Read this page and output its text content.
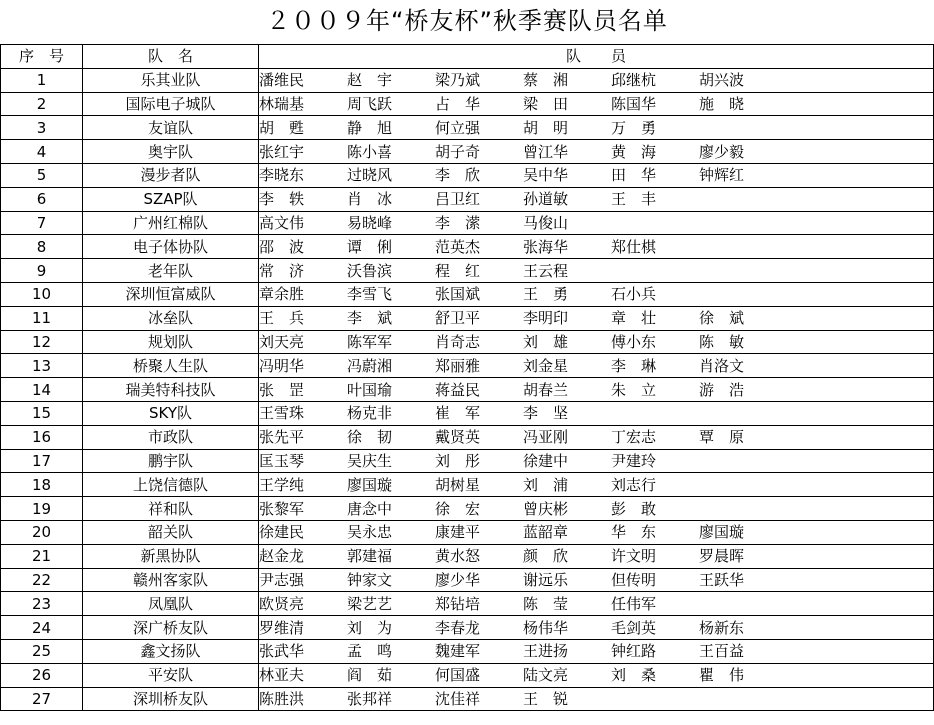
２００９年“桥友杯”秋季赛队员名单
序　号	队　名	队　　员
1	乐其业队	潘维民 赵　宇 梁乃斌 蔡　湘 邱继杭 胡兴波
2	国际电子城队	林瑞基 周飞跃 占　华 梁　田 陈国华 施　晓
3	友谊队	胡　甦 静　旭 何立强 胡　明 万　勇
4	奥宇队	张红宇 陈小喜 胡子奇 曾江华 黄　海 廖少毅
5	漫步者队	李晓东 过晓风 李　欣 吴中华 田　华 钟辉红
6	SZAP队	李　轶 肖　冰 吕卫红 孙道敏 王　丰
7	广州红棉队	高文伟 易晓峰 李　潆 马俊山
8	电子体协队	邵　波 谭　俐 范英杰 张海华 郑仕棋
9	老年队	常　济 沃鲁滨 程　红 王云程
10	深圳恒富威队	章余胜 李雪飞 张国斌 王　勇 石小兵
11	冰垒队	王　兵 李　斌 舒卫平 李明印 章　壮 徐　斌
12	规划队	刘天亮 陈军军 肖奇志 刘　雄 傅小东 陈　敏
13	桥聚人生队	冯明华 冯蔚湘 郑丽雅 刘金星 李　琳 肖洛文
14	瑞美特科技队	张　罡 叶国瑜 蒋益民 胡春兰 朱　立 游　浩
15	SKY队	王雪珠 杨克非 崔　军 李　坚
16	市政队	张先平 徐　韧 戴贤英 冯亚刚 丁宏志 覃　原
17	鹏宇队	匡玉琴 吴庆生 刘　彤 徐建中 尹建玲
18	上饶信德队	王学纯 廖国璇 胡树星 刘　浦 刘志行
19	祥和队	张黎军 唐念中 徐　宏 曾庆彬 彭　敢
20	韶关队	徐建民 吴永忠 康建平 蓝韶章 华　东 廖国璇
21	新黑协队	赵金龙 郭建福 黄水怒 颜　欣 许文明 罗晨晖
22	赣州客家队	尹志强 钟家文 廖少华 谢远乐 但传明 王跃华
23	凤凰队	欧贤亮 梁艺艺 郑钻培 陈　莹 任伟军
24	深广桥友队	罗维清 刘　为 李春龙 杨伟华 毛剑英 杨新东
25	鑫文扬队	张武华 孟　鸣 魏建军 王进扬 钟红路 王百益
26	平安队	林亚夫 阎　茹 何国盛 陆文亮 刘　桑 瞿　伟
27	深圳桥友队	陈胜洪 张邦祥 沈佳祥 王　锐
